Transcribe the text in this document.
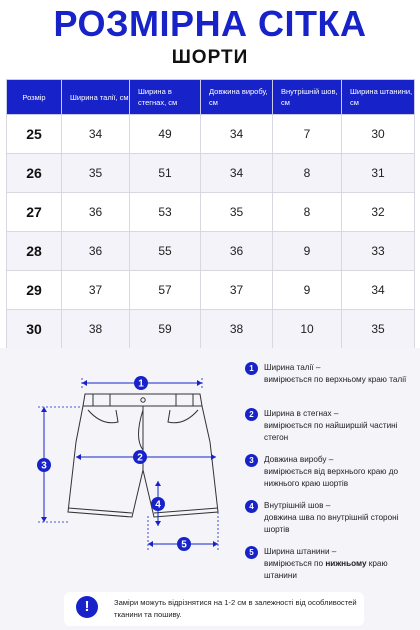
РОЗМІРНА СІТКА
ШОРТИ
Розмір	Ширина талії, см	Ширина в стегнах, см	Довжина виробу, см	Внутрішній шов, см	Ширина штанини, см
25	34	49	34	7	30
26	35	51	34	8	31
27	36	53	35	8	32
28	36	55	36	9	33
29	37	57	37	9	34
30	38	59	38	10	35
1
2
3
4
5
1	Ширина талії –
вимірюється по верхньому краю талії
2	Ширина в стегнах –
вимірюється по найширшій частині стегон
3	Довжина виробу –
вимірюється від верхнього краю до нижнього краю шортів
4	Внутрішній шов –
довжина шва по внутрішній стороні шортів
5	Ширина штанини –
вимірюється по нижньому краю штанини
!	Заміри можуть відрізнятися на 1-2 см в залежності від особливостей тканини та пошиву.
